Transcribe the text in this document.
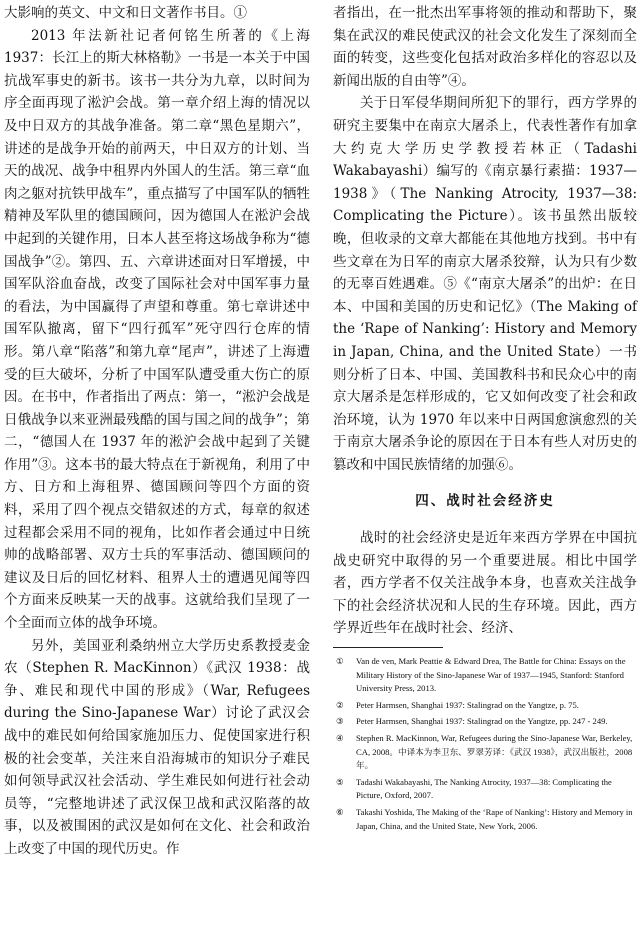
大影响的英文、中文和日文著作书目。①

2013 年法新社记者何铭生所著的《上海 1937：长江上的斯大林格勒》一书是一本关于中国抗战军事史的新书。该书一共分为九章，以时间为序全面再现了淞沪会战。第一章介绍上海的情况以及中日双方的其战争准备。第二章“黑色星期六”，讲述的是战争开始的前两天，中日双方的计划、当天的战况、战争中租界内外国人的生活。第三章“血肉之躯对抗铁甲战车”，重点描写了中国军队的牺牲精神及军队里的德国顾问，因为德国人在淞沪会战中起到的关键作用，日本人甚至将这场战争称为“德国战争”②。第四、五、六章讲述面对日军增援，中国军队浴血奋战，改变了国际社会对中国军事力量的看法，为中国赢得了声望和尊重。第七章讲述中国军队撤离，留下“四行孤军”死守四行仓库的情形。第八章“陷落”和第九章“尾声”，讲述了上海遭受的巨大破坏，分析了中国军队遭受重大伤亡的原因。在书中，作者指出了两点：第一，“淞沪会战是日俄战争以来亚洲最残酷的国与国之间的战争”；第二，“德国人在 1937 年的淞沪会战中起到了关键作用”③。这本书的最大特点在于新视角，利用了中方、日方和上海租界、德国顾问等四个方面的资料，采用了四个视点交错叙述的方式，每章的叙述过程都会采用不同的视角，比如作者会通过中日统帅的战略部署、双方士兵的军事活动、德国顾问的建议及日后的回忆材料、租界人士的遭遇见闻等四个方面来反映某一天的战事。这就给我们呈现了一个全面而立体的战争环境。

另外，美国亚利桑纳州立大学历史系教授麦金农（Stephen R. MacKinnon）《武汉 1938：战争、难民和现代中国的形成》（War, Refugees during the Sino-Japanese War）讨论了武汉会战中的难民如何给国家施加压力、促使国家进行积极的社会变革，关注来自沿海城市的知识分子难民如何领导武汉社会活动、学生难民如何进行社会动员等，“完整地讲述了武汉保卫战和武汉陷落的故事，以及被围困的武汉是如何在文化、社会和政治上改变了中国的现代历史。作

者指出，在一批杰出军事将领的推动和帮助下，聚集在武汉的难民使武汉的社会文化发生了深刻而全面的转变，这些变化包括对政治多样化的容忍以及新闻出版的自由等”④。

关于日军侵华期间所犯下的罪行，西方学界的研究主要集中在南京大屠杀上，代表性著作有加拿大约克大学历史学教授若林正（Tadashi Wakabayashi）编写的《南京暴行素描：1937—1938》（The Nanking Atrocity, 1937—38: Complicating the Picture）。该书虽然出版较晚，但收录的文章大都能在其他地方找到。书中有些文章在为日军的南京大屠杀狡辩，认为只有少数的无辜百姓遇难。⑤《“南京大屠杀”的出炉：在日本、中国和美国的历史和记忆》（The Making of the ‘Rape of Nanking’: History and Memory in Japan, China, and the United State）一书则分析了日本、中国、美国教科书和民众心中的南京大屠杀是怎样形成的，它又如何改变了社会和政治环境，认为 1970 年以来中日两国愈演愈烈的关于南京大屠杀争论的原因在于日本有些人对历史的篡改和中国民族情绪的加强⑥。

四、战时社会经济史

战时的社会经济史是近年来西方学界在中国抗战史研究中取得的另一个重要进展。相比中国学者，西方学者不仅关注战争本身，也喜欢关注战争下的社会经济状况和人民的生存环境。因此，西方学界近些年在战时社会、经济、

①	Van de ven, Mark Peattie & Edward Drea, The Battle for China: Essays on the Military History of the Sino-Japanese War of 1937—1945, Stanford: Stanford University Press, 2013.
②	Peter Harmsen, Shanghai 1937: Stalingrad on the Yangtze, p. 75.
③	Peter Harmsen, Shanghai 1937: Stalingrad on the Yangtze, pp. 247 - 249.
④	Stephen R. MacKinnon, War, Refugees during the Sino-Japanese War, Berkeley, CA, 2008。中译本为李卫东、罗翠芳译：《武汉 1938》，武汉出版社，2008 年。
⑤	Tadashi Wakabayashi, The Nanking Atrocity, 1937—38: Complicating the Picture, Oxford, 2007.
⑥	Takashi Yoshida, The Making of the ‘Rape of Nanking’: History and Memory in Japan, China, and the United State, New York, 2006.
